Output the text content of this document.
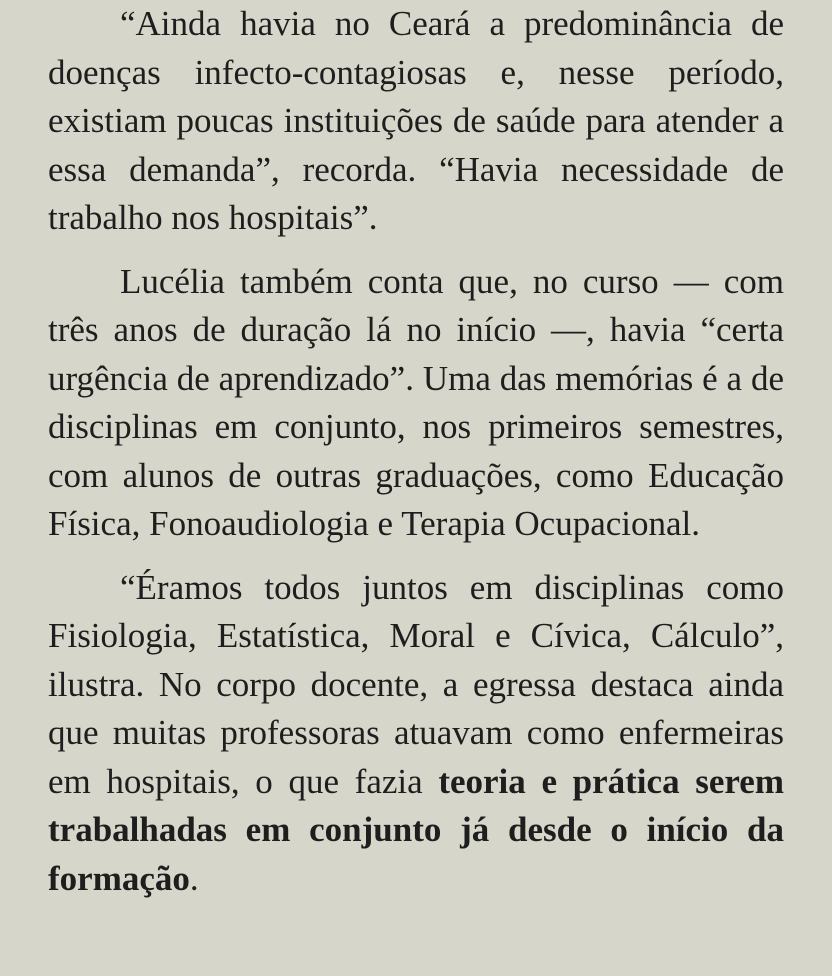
“Ainda havia no Ceará a predominância de doenças infecto-contagiosas e, nesse período, existiam poucas instituições de saúde para atender a essa demanda”, recorda. “Havia necessidade de trabalho nos hospitais”.

Lucélia também conta que, no curso — com três anos de duração lá no início —, havia “certa urgência de aprendizado”. Uma das memórias é a de disciplinas em conjunto, nos primeiros semestres, com alunos de outras graduações, como Educação Física, Fonoaudiologia e Terapia Ocupacional.

“Éramos todos juntos em disciplinas como Fisiologia, Estatística, Moral e Cívica, Cálculo”, ilustra. No corpo docente, a egressa destaca ainda que muitas professoras atuavam como enfermeiras em hospitais, o que fazia teoria e prática serem trabalhadas em conjunto já desde o início da formação.
